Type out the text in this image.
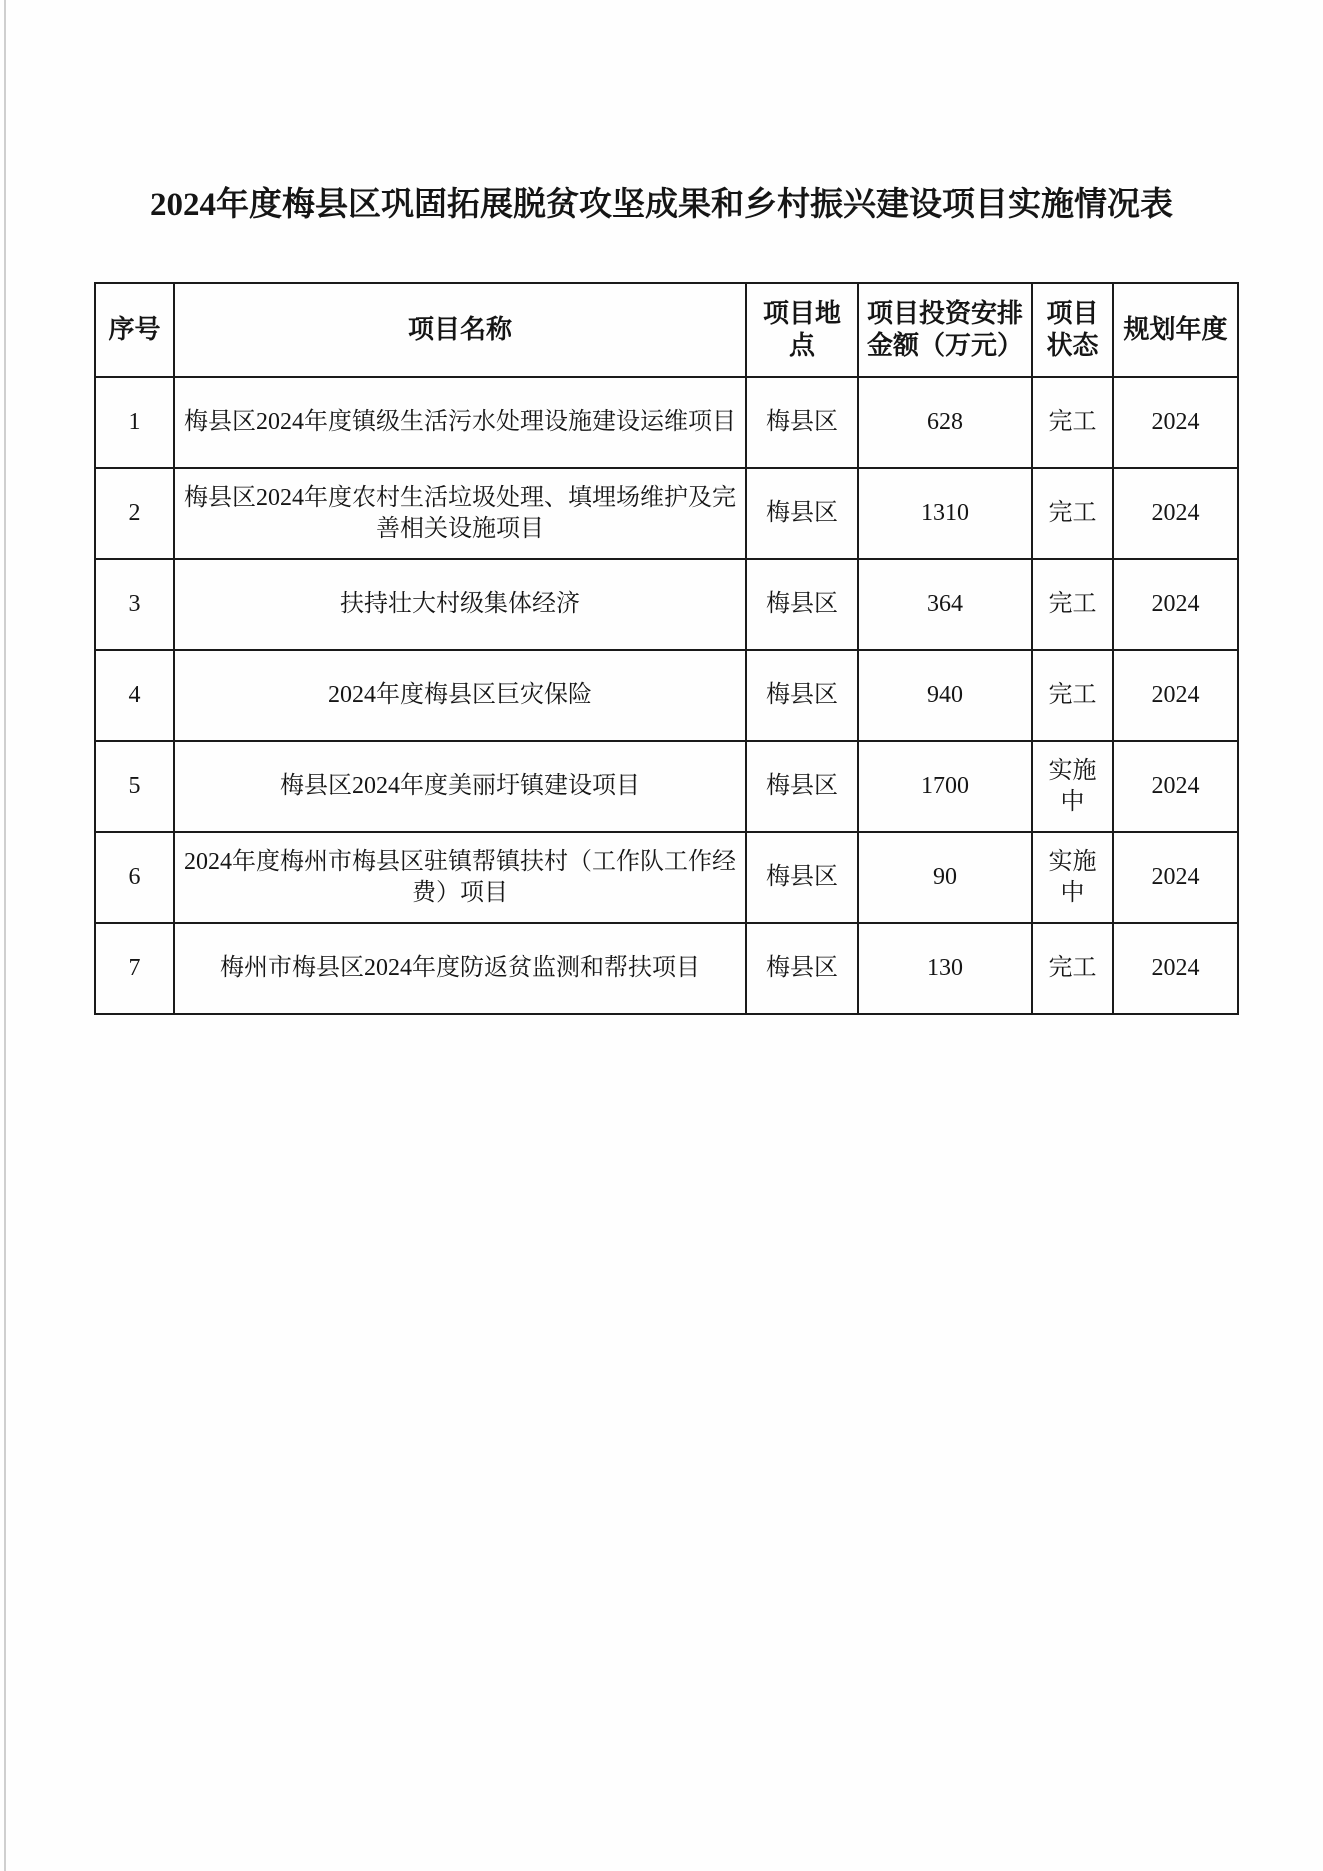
2024年度梅县区巩固拓展脱贫攻坚成果和乡村振兴建设项目实施情况表
序号	项目名称	项目地点	项目投资安排金额（万元）	项目状态	规划年度
1	梅县区2024年度镇级生活污水处理设施建设运维项目	梅县区	628	完工	2024
2	梅县区2024年度农村生活垃圾处理、填埋场维护及完善相关设施项目	梅县区	1310	完工	2024
3	扶持壮大村级集体经济	梅县区	364	完工	2024
4	2024年度梅县区巨灾保险	梅县区	940	完工	2024
5	梅县区2024年度美丽圩镇建设项目	梅县区	1700	实施中	2024
6	2024年度梅州市梅县区驻镇帮镇扶村（工作队工作经费）项目	梅县区	90	实施中	2024
7	梅州市梅县区2024年度防返贫监测和帮扶项目	梅县区	130	完工	2024
